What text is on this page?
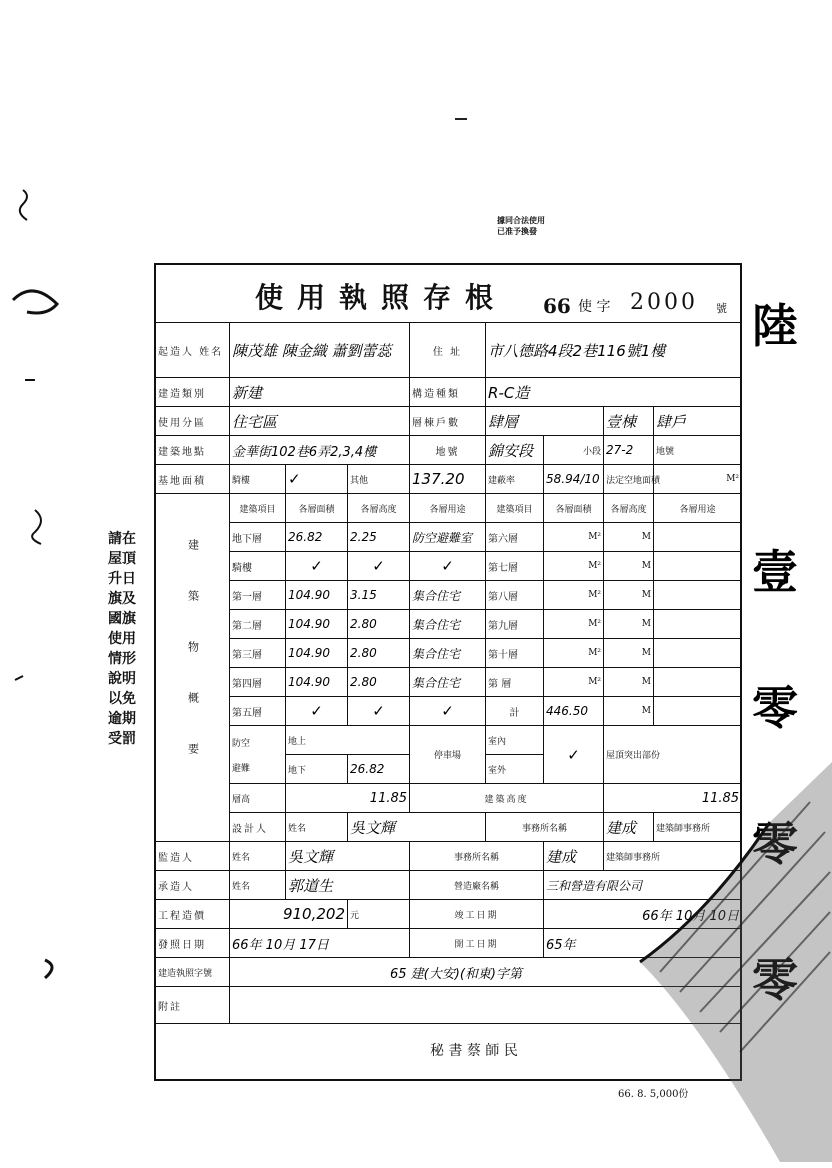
據同合法使用
已准予換發
使用執照存根 66 使 字 2000 號
起造人 姓名	陳茂雄 陳金織 蕭劉蕾蕊			住 址	市八德路4段2巷116號1樓				
建造類別	新建			構造種類	R-C造				
使用分區	住宅區			層棟戶數	肆層		壹棟	肆戶	
建築地點	金華街102巷6弄2,3,4樓			地號	錦安段	小段	27-2	地號	
基地面積	騎樓	✓	其他	137.20	建蔽率	58.94/10	法定空地面積	M²	
建築物概要	建築項目	各層面積	各層高度	各層用途	建築項目	各層面積	各層高度	各層用途	
	地下層	26.82	2.25	防空避難室	第六層	M²	M		
	騎樓	✓	✓	✓	第七層	M²	M		
	第一層	104.90	3.15	集合住宅	第八層	M²	M		
	第二層	104.90	2.80	集合住宅	第九層	M²	M		
	第三層	104.90	2.80	集合住宅	第十層	M²	M		
	第四層	104.90	2.80	集合住宅	第 層	M²	M		
	第五層	✓	✓	✓	計	446.50	M		

	防空
避難	地上		停車場	室內	✓	屋頂突出部份	
		地下	26.82		室外				
	層高	11.85		建築高度			11.85		
	設計人	姓名	吳文輝		事務所名稱		建成	建築師事務所	
監造人	姓名	吳文輝		事務所名稱		建成	建築師事務所		
承造人	姓名	郭道生		營造廠名稱		三和營造有限公司			
工程造價	910,202		元	竣工日期		66年 10月 10日			
發照日期	66年 10月 17日			開工日期		65年			
建造執照字號	65 建(大安)(和東)字第								
附註									
66. 8. 5,000份
請在
屋頂
升日
旗及
國旗
使用
情形
說明
以免
逾期
受罰
陸
壹
零
零
零
秘 書 蔡 師 民
